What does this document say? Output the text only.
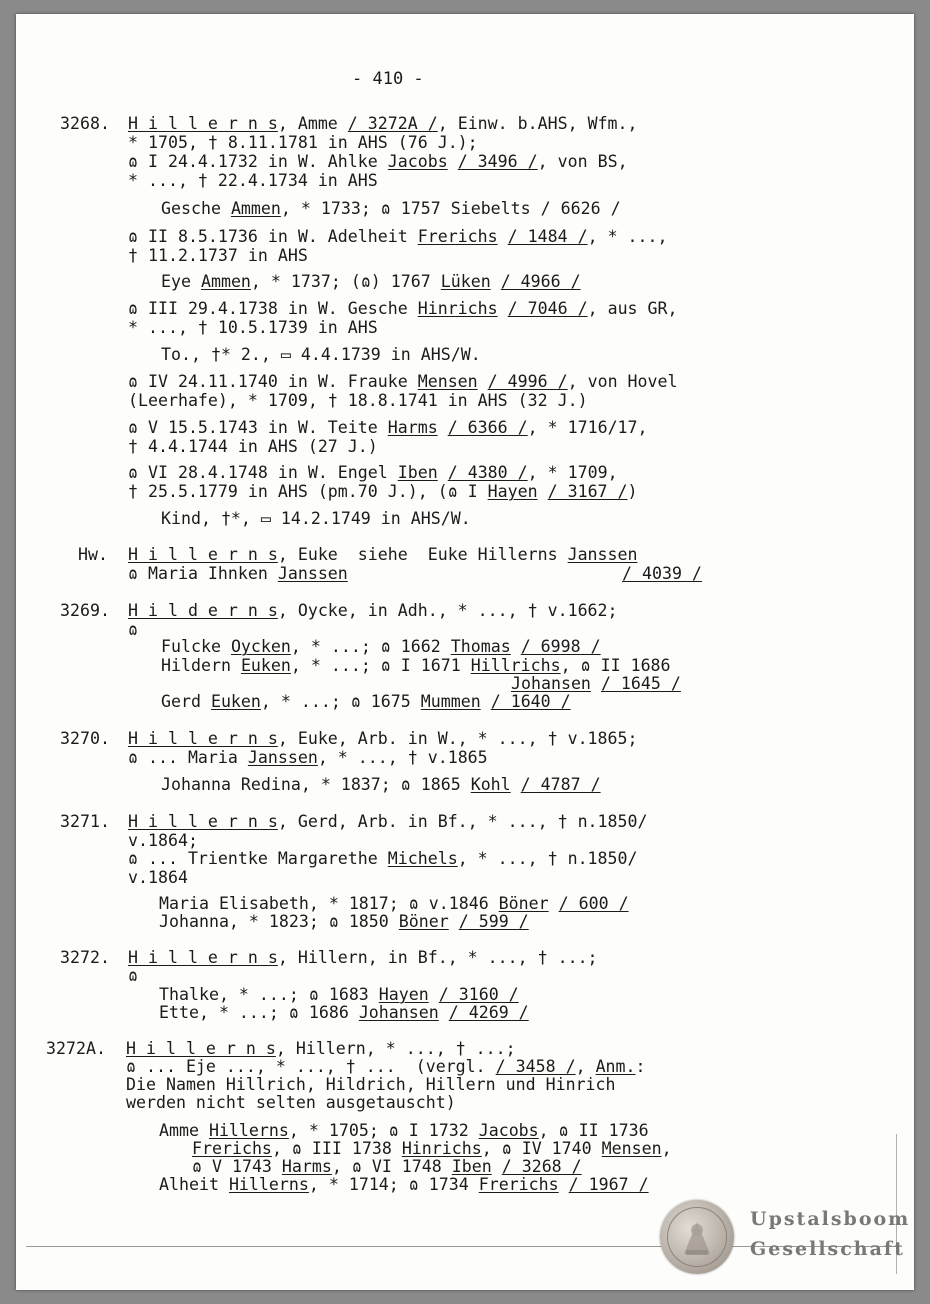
- 410 -
3268. H i l l e r n s, Amme / 3272A /, Einw. b.AHS, Wfm.,
* 1705, † 8.11.1781 in AHS (76 J.);
ɷ I 24.4.1732 in W. Ahlke Jacobs / 3496 /, von BS,
* ..., † 22.4.1734 in AHS
Gesche Ammen, * 1733; ɷ 1757 Siebelts / 6626 /
ɷ II 8.5.1736 in W. Adelheit Frerichs / 1484 /, * ...,
† 11.2.1737 in AHS
Eye Ammen, * 1737; (ɷ) 1767 Lüken / 4966 /
ɷ III 29.4.1738 in W. Gesche Hinrichs / 7046 /, aus GR,
* ..., † 10.5.1739 in AHS
To., †* 2., ▭ 4.4.1739 in AHS/W.
ɷ IV 24.11.1740 in W. Frauke Mensen / 4996 /, von Hovel
(Leerhafe), * 1709, † 18.8.1741 in AHS (32 J.)
ɷ V 15.5.1743 in W. Teite Harms / 6366 /, * 1716/17,
† 4.4.1744 in AHS (27 J.)
ɷ VI 28.4.1748 in W. Engel Iben / 4380 /, * 1709,
† 25.5.1779 in AHS (pm.70 J.), (ɷ I Hayen / 3167 /)
Kind, †*, ▭ 14.2.1749 in AHS/W.
Hw. H i l l e r n s, Euke  siehe  Euke Hillerns Janssen
ɷ Maria Ihnken Janssen	/ 4039 /
3269. H i l d e r n s, Oycke, in Adh., * ..., † v.1662;
ɷ
Fulcke Oycken, * ...; ɷ 1662 Thomas / 6998 /
Hildern Euken, * ...; ɷ I 1671 Hillrichs, ɷ II 1686
Johansen / 1645 /
Gerd Euken, * ...; ɷ 1675 Mummen / 1640 /
3270. H i l l e r n s, Euke, Arb. in W., * ..., † v.1865;
ɷ ... Maria Janssen, * ..., † v.1865
Johanna Redina, * 1837; ɷ 1865 Kohl / 4787 /
3271. H i l l e r n s, Gerd, Arb. in Bf., * ..., † n.1850/
v.1864;
ɷ ... Trientke Margarethe Michels, * ..., † n.1850/
v.1864
Maria Elisabeth, * 1817; ɷ v.1846 Böner / 600 /
Johanna, * 1823; ɷ 1850 Böner / 599 /
3272. H i l l e r n s, Hillern, in Bf., * ..., † ...;
ɷ
Thalke, * ...; ɷ 1683 Hayen / 3160 /
Ette, * ...; ɷ 1686 Johansen / 4269 /
3272A. H i l l e r n s, Hillern, * ..., † ...;
ɷ ... Eje ..., * ..., † ...  (vergl. / 3458 /, Anm.:
Die Namen Hillrich, Hildrich, Hillern und Hinrich
werden nicht selten ausgetauscht)
Amme Hillerns, * 1705; ɷ I 1732 Jacobs, ɷ II 1736
Frerichs, ɷ III 1738 Hinrichs, ɷ IV 1740 Mensen,
ɷ V 1743 Harms, ɷ VI 1748 Iben / 3268 /
Alheit Hillerns, * 1714; ɷ 1734 Frerichs / 1967 /
Upstalsboom
Gesellschaft
